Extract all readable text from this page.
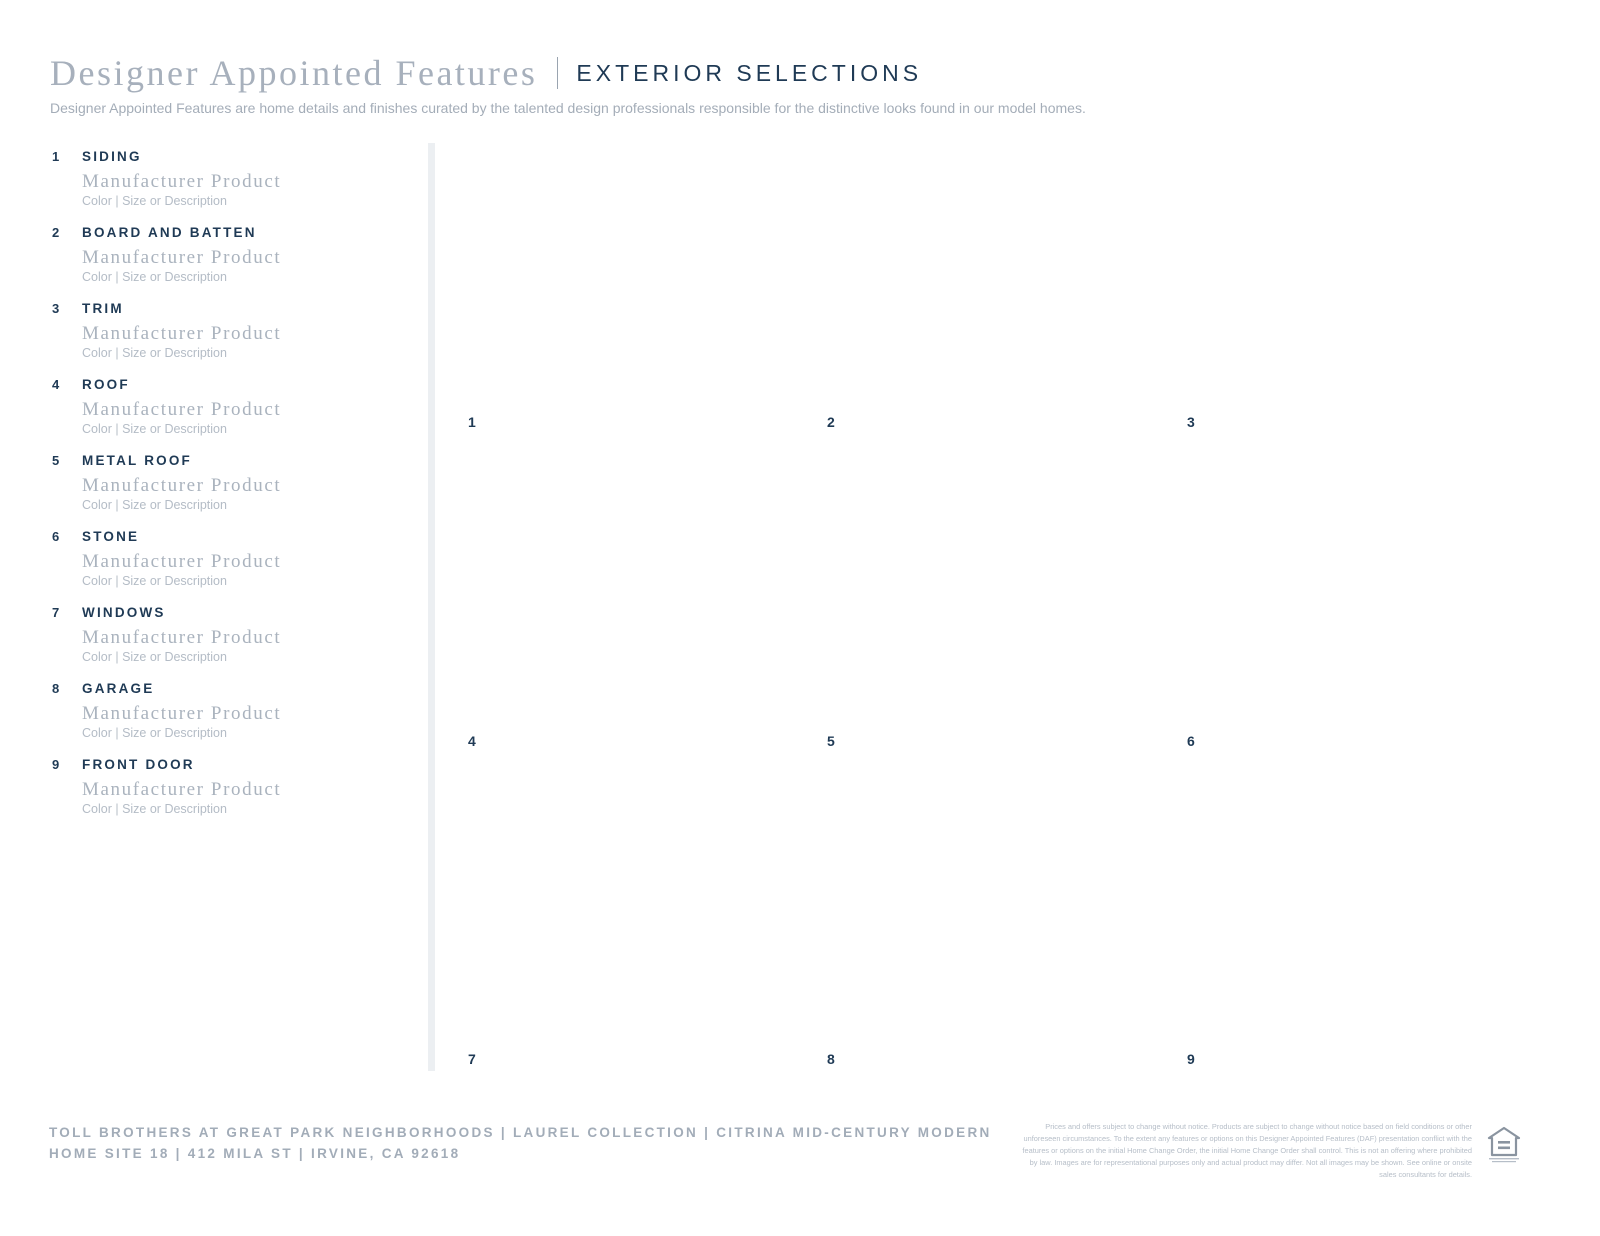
Designer Appointed Features EXTERIOR SELECTIONS
Designer Appointed Features are home details and finishes curated by the talented design professionals responsible for the distinctive looks found in our model homes.
1	SIDING
Manufacturer Product
Color | Size or Description
2	BOARD AND BATTEN
Manufacturer Product
Color | Size or Description
3	TRIM
Manufacturer Product
Color | Size or Description
4	ROOF
Manufacturer Product
Color | Size or Description
5	METAL ROOF
Manufacturer Product
Color | Size or Description
6	STONE
Manufacturer Product
Color | Size or Description
7	WINDOWS
Manufacturer Product
Color | Size or Description
8	GARAGE
Manufacturer Product
Color | Size or Description
9	FRONT DOOR
Manufacturer Product
Color | Size or Description
1	2	3
4	5	6
7	8	9
TOLL BROTHERS AT GREAT PARK NEIGHBORHOODS | LAUREL COLLECTION | CITRINA MID-CENTURY MODERN
HOME SITE 18 | 412 MILA ST | IRVINE, CA 92618
Prices and offers subject to change without notice. Products are subject to change without notice based on field conditions or other unforeseen circumstances. To the extent any features or options on this Designer Appointed Features (DAF) presentation conflict with the features or options on the initial Home Change Order, the initial Home Change Order shall control. This is not an offering where prohibited by law. Images are for representational purposes only and actual product may differ. Not all images may be shown. See online or onsite sales consultants for details.
